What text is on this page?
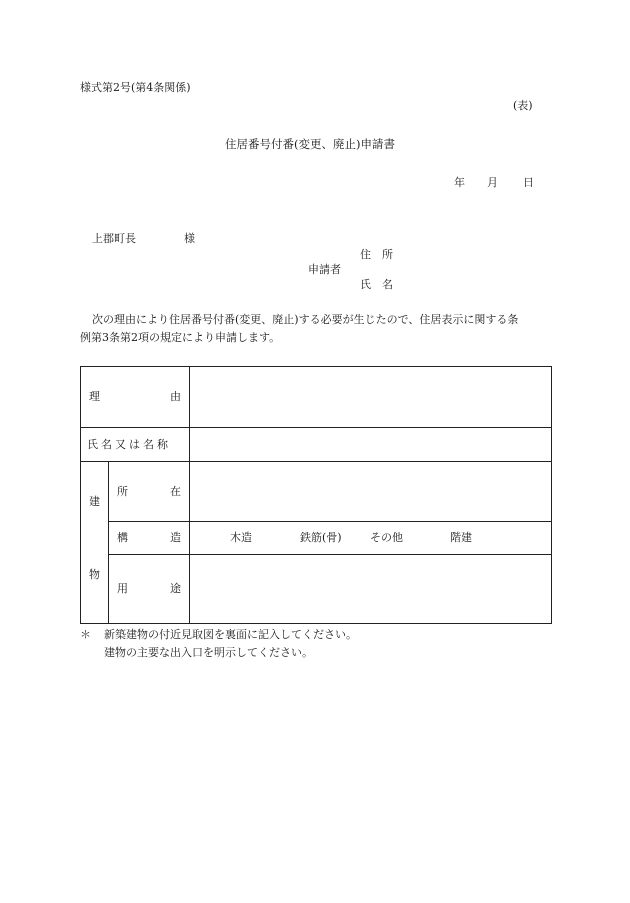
様式第2号(第4条関係)
(表)
住居番号付番(変更、廃止)申請書
年 月 日
上郡町長	様
住　所
申請者
氏　名
次の理由により住居番号付番(変更、廃止)する必要が生じたので、住居表示に関する条
例第3条第2項の規定により申請します。
理 由		

氏名又は名称		

建
物	所 在	

	構 造	木造 鉄筋(骨) その他 階建

	用 途	

＊ 新築建物の付近見取図を裏面に記入してください。
建物の主要な出入口を明示してください。
